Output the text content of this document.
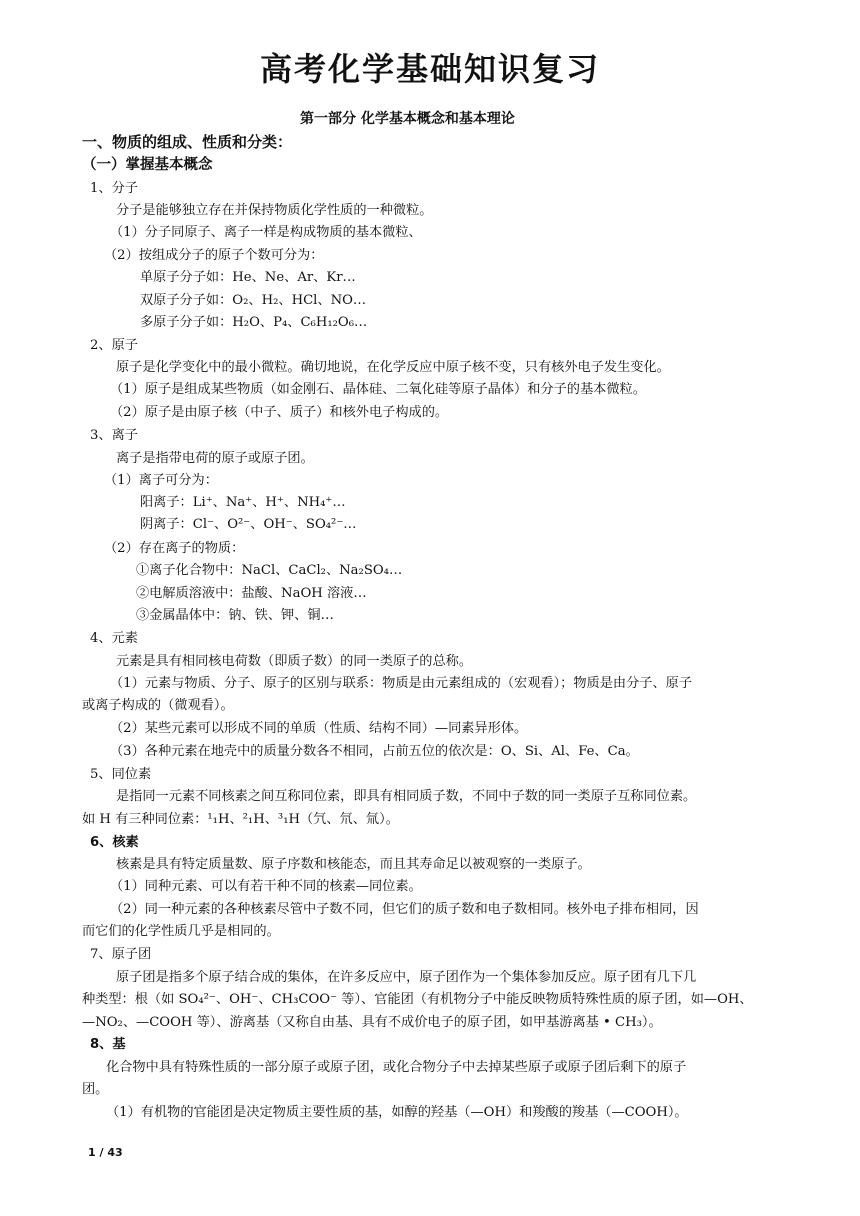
高考化学基础知识复习
第一部分 化学基本概念和基本理论
一、物质的组成、性质和分类：
（一）掌握基本概念
1、分子
分子是能够独立存在并保持物质化学性质的一种微粒。
（1）分子同原子、离子一样是构成物质的基本微粒、
（2）按组成分子的原子个数可分为：
单原子分子如：He、Ne、Ar、Kr…
双原子分子如：O₂、H₂、HCl、NO…
多原子分子如：H₂O、P₄、C₆H₁₂O₆…
2、原子
原子是化学变化中的最小微粒。确切地说，在化学反应中原子核不变，只有核外电子发生变化。
（1）原子是组成某些物质（如金刚石、晶体硅、二氧化硅等原子晶体）和分子的基本微粒。
（2）原子是由原子核（中子、质子）和核外电子构成的。
3、离子
离子是指带电荷的原子或原子团。
（1）离子可分为：
阳离子：Li⁺、Na⁺、H⁺、NH₄⁺…
阴离子：Cl⁻、O²⁻、OH⁻、SO₄²⁻…
（2）存在离子的物质：
①离子化合物中：NaCl、CaCl₂、Na₂SO₄…
②电解质溶液中：盐酸、NaOH 溶液…
③金属晶体中：钠、铁、钾、铜…
4、元素
元素是具有相同核电荷数（即质子数）的同一类原子的总称。
（1）元素与物质、分子、原子的区别与联系：物质是由元素组成的（宏观看）；物质是由分子、原子
或离子构成的（微观看）。
（2）某些元素可以形成不同的单质（性质、结构不同）—同素异形体。
（3）各种元素在地壳中的质量分数各不相同，占前五位的依次是：O、Si、Al、Fe、Ca。
5、同位素
是指同一元素不同核素之间互称同位素，即具有相同质子数，不同中子数的同一类原子互称同位素。
如 H 有三种同位素：¹₁H、²₁H、³₁H（氕、氘、氚）。
6、核素
核素是具有特定质量数、原子序数和核能态，而且其寿命足以被观察的一类原子。
（1）同种元素、可以有若干种不同的核素—同位素。
（2）同一种元素的各种核素尽管中子数不同，但它们的质子数和电子数相同。核外电子排布相同，因
而它们的化学性质几乎是相同的。
7、原子团
原子团是指多个原子结合成的集体，在许多反应中，原子团作为一个集体参加反应。原子团有几下几
种类型：根（如 SO₄²⁻、OH⁻、CH₃COO⁻ 等）、官能团（有机物分子中能反映物质特殊性质的原子团，如—OH、
—NO₂、—COOH 等）、游离基（又称自由基、具有不成价电子的原子团，如甲基游离基 • CH₃）。
8、基
化合物中具有特殊性质的一部分原子或原子团，或化合物分子中去掉某些原子或原子团后剩下的原子
团。
（1）有机物的官能团是决定物质主要性质的基，如醇的羟基（—OH）和羧酸的羧基（—COOH）。
1 / 43
